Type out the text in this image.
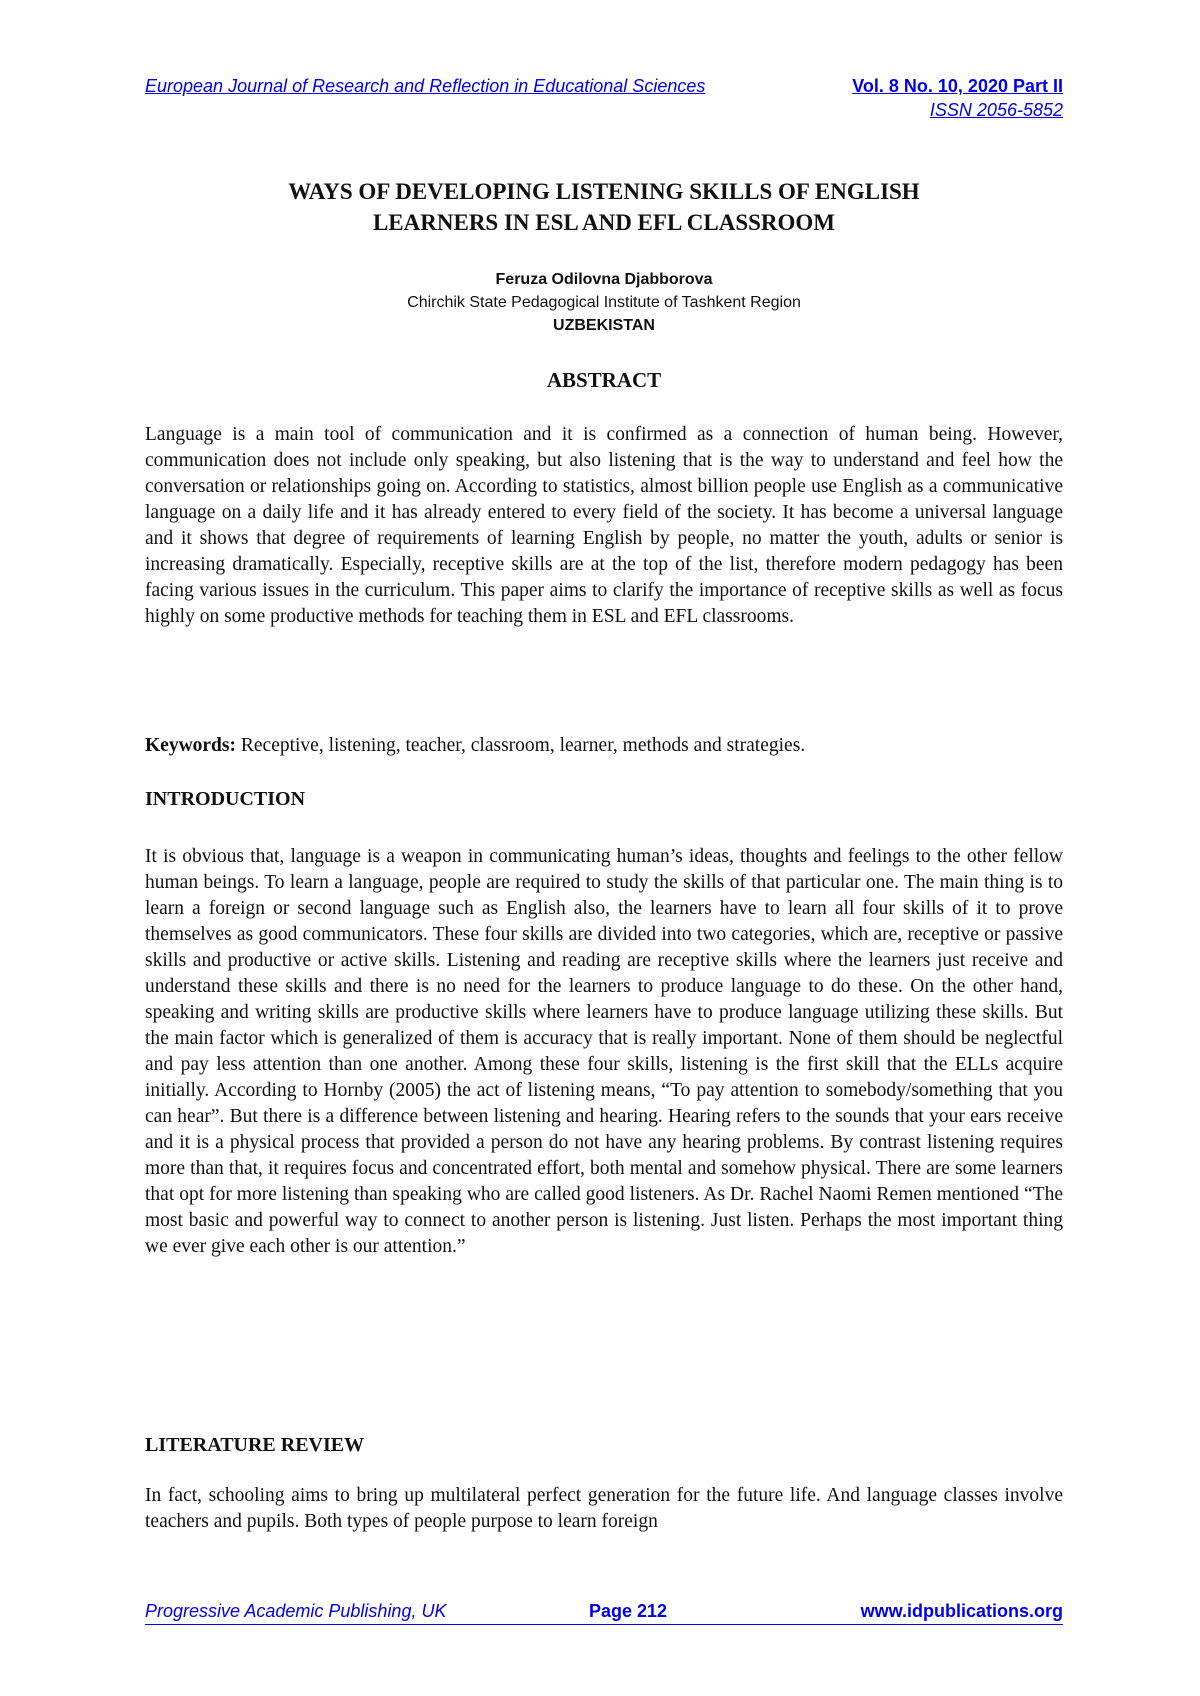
European Journal of Research and Reflection in Educational Sciences	Vol. 8 No. 10, 2020 Part II
ISSN 2056-5852
WAYS OF DEVELOPING LISTENING SKILLS OF ENGLISH
LEARNERS IN ESL AND EFL CLASSROOM
Feruza Odilovna Djabborova
Chirchik State Pedagogical Institute of Tashkent Region
UZBEKISTAN
ABSTRACT
Language is a main tool of communication and it is confirmed as a connection of human being. However, communication does not include only speaking, but also listening that is the way to understand and feel how the conversation or relationships going on. According to statistics, almost billion people use English as a communicative language on a daily life and it has already entered to every field of the society. It has become a universal language and it shows that degree of requirements of learning English by people, no matter the youth, adults or senior is increasing dramatically. Especially, receptive skills are at the top of the list, therefore modern pedagogy has been facing various issues in the curriculum. This paper aims to clarify the importance of receptive skills as well as focus highly on some productive methods for teaching them in ESL and EFL classrooms.
Keywords: Receptive, listening, teacher, classroom, learner, methods and strategies.
INTRODUCTION
It is obvious that, language is a weapon in communicating human’s ideas, thoughts and feelings to the other fellow human beings. To learn a language, people are required to study the skills of that particular one. The main thing is to learn a foreign or second language such as English also, the learners have to learn all four skills of it to prove themselves as good communicators. These four skills are divided into two categories, which are, receptive or passive skills and productive or active skills. Listening and reading are receptive skills where the learners just receive and understand these skills and there is no need for the learners to produce language to do these. On the other hand, speaking and writing skills are productive skills where learners have to produce language utilizing these skills. But the main factor which is generalized of them is accuracy that is really important. None of them should be neglectful and pay less attention than one another. Among these four skills, listening is the first skill that the ELLs acquire initially. According to Hornby (2005) the act of listening means, “To pay attention to somebody/something that you can hear”. But there is a difference between listening and hearing. Hearing refers to the sounds that your ears receive and it is a physical process that provided a person do not have any hearing problems. By contrast listening requires more than that, it requires focus and concentrated effort, both mental and somehow physical. There are some learners that opt for more listening than speaking who are called good listeners. As Dr. Rachel Naomi Remen mentioned “The most basic and powerful way to connect to another person is listening. Just listen. Perhaps the most important thing we ever give each other is our attention.”
LITERATURE REVIEW
In fact, schooling aims to bring up multilateral perfect generation for the future life. And language classes involve teachers and pupils. Both types of people purpose to learn foreign
Progressive Academic Publishing, UK	Page 212	www.idpublications.org
